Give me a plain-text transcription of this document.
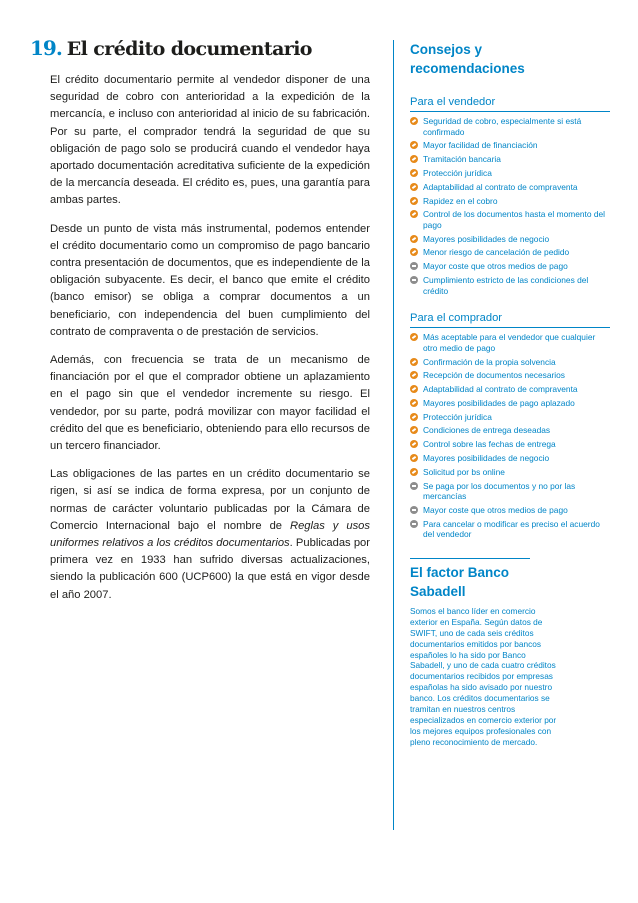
19. El crédito documentario

El crédito documentario permite al vendedor disponer de una seguridad de cobro con anterioridad a la expedición de la mercancía, e incluso con anterioridad al inicio de su fabricación. Por su parte, el comprador tendrá la seguridad de que su obligación de pago solo se producirá cuando el vendedor haya aportado documentación acreditativa suficiente de la expedición de la mercancía deseada. El crédito es, pues, una garantía para ambas partes.

Desde un punto de vista más instrumental, podemos entender el crédito documentario como un compromiso de pago bancario contra presentación de documentos, que es independiente de la obligación subyacente. Es decir, el banco que emite el crédito (banco emisor) se obliga a comprar documentos a un beneficiario, con independencia del buen cumplimiento del contrato de compraventa o de prestación de servicios.

Además, con frecuencia se trata de un mecanismo de financiación por el que el comprador obtiene un aplazamiento en el pago sin que el vendedor incremente su riesgo. El vendedor, por su parte, podrá movilizar con mayor facilidad el crédito del que es beneficiario, obteniendo para ello recursos de un tercero financiador.

Las obligaciones de las partes en un crédito documentario se rigen, si así se indica de forma expresa, por un conjunto de normas de carácter voluntario publicadas por la Cámara de Comercio Internacional bajo el nombre de Reglas y usos uniformes relativos a los créditos documentarios. Publicadas por primera vez en 1933 han sufrido diversas actualizaciones, siendo la publicación 600 (UCP600) la que está en vigor desde el año 2007.

Consejos y recomendaciones
Para el vendedor
Seguridad de cobro, especialmente si está confirmado
Mayor facilidad de financiación
Tramitación bancaria
Protección jurídica
Adaptabilidad al contrato de compraventa
Rapidez en el cobro
Control de los documentos hasta el momento del pago
Mayores posibilidades de negocio
Menor riesgo de cancelación de pedido
Mayor coste que otros medios de pago
Cumplimiento estricto de las condiciones del crédito
Para el comprador
Más aceptable para el vendedor que cualquier otro medio de pago
Confirmación de la propia solvencia
Recepción de documentos necesarios
Adaptabilidad al contrato de compraventa
Mayores posibilidades de pago aplazado
Protección jurídica
Condiciones de entrega deseadas
Control sobre las fechas de entrega
Mayores posibilidades de negocio
Solicitud por bs online
Se paga por los documentos y no por las mercancías
Mayor coste que otros medios de pago
Para cancelar o modificar es preciso el acuerdo del vendedor
El factor Banco Sabadell

Somos el banco líder en comercio exterior en España. Según datos de SWIFT, uno de cada seis créditos documentarios emitidos por bancos españoles lo ha sido por Banco Sabadell, y uno de cada cuatro créditos documentarios recibidos por empresas españolas ha sido avisado por nuestro banco. Los créditos documentarios se tramitan en nuestros centros especializados en comercio exterior por los mejores equipos profesionales con pleno reconocimiento de mercado.
